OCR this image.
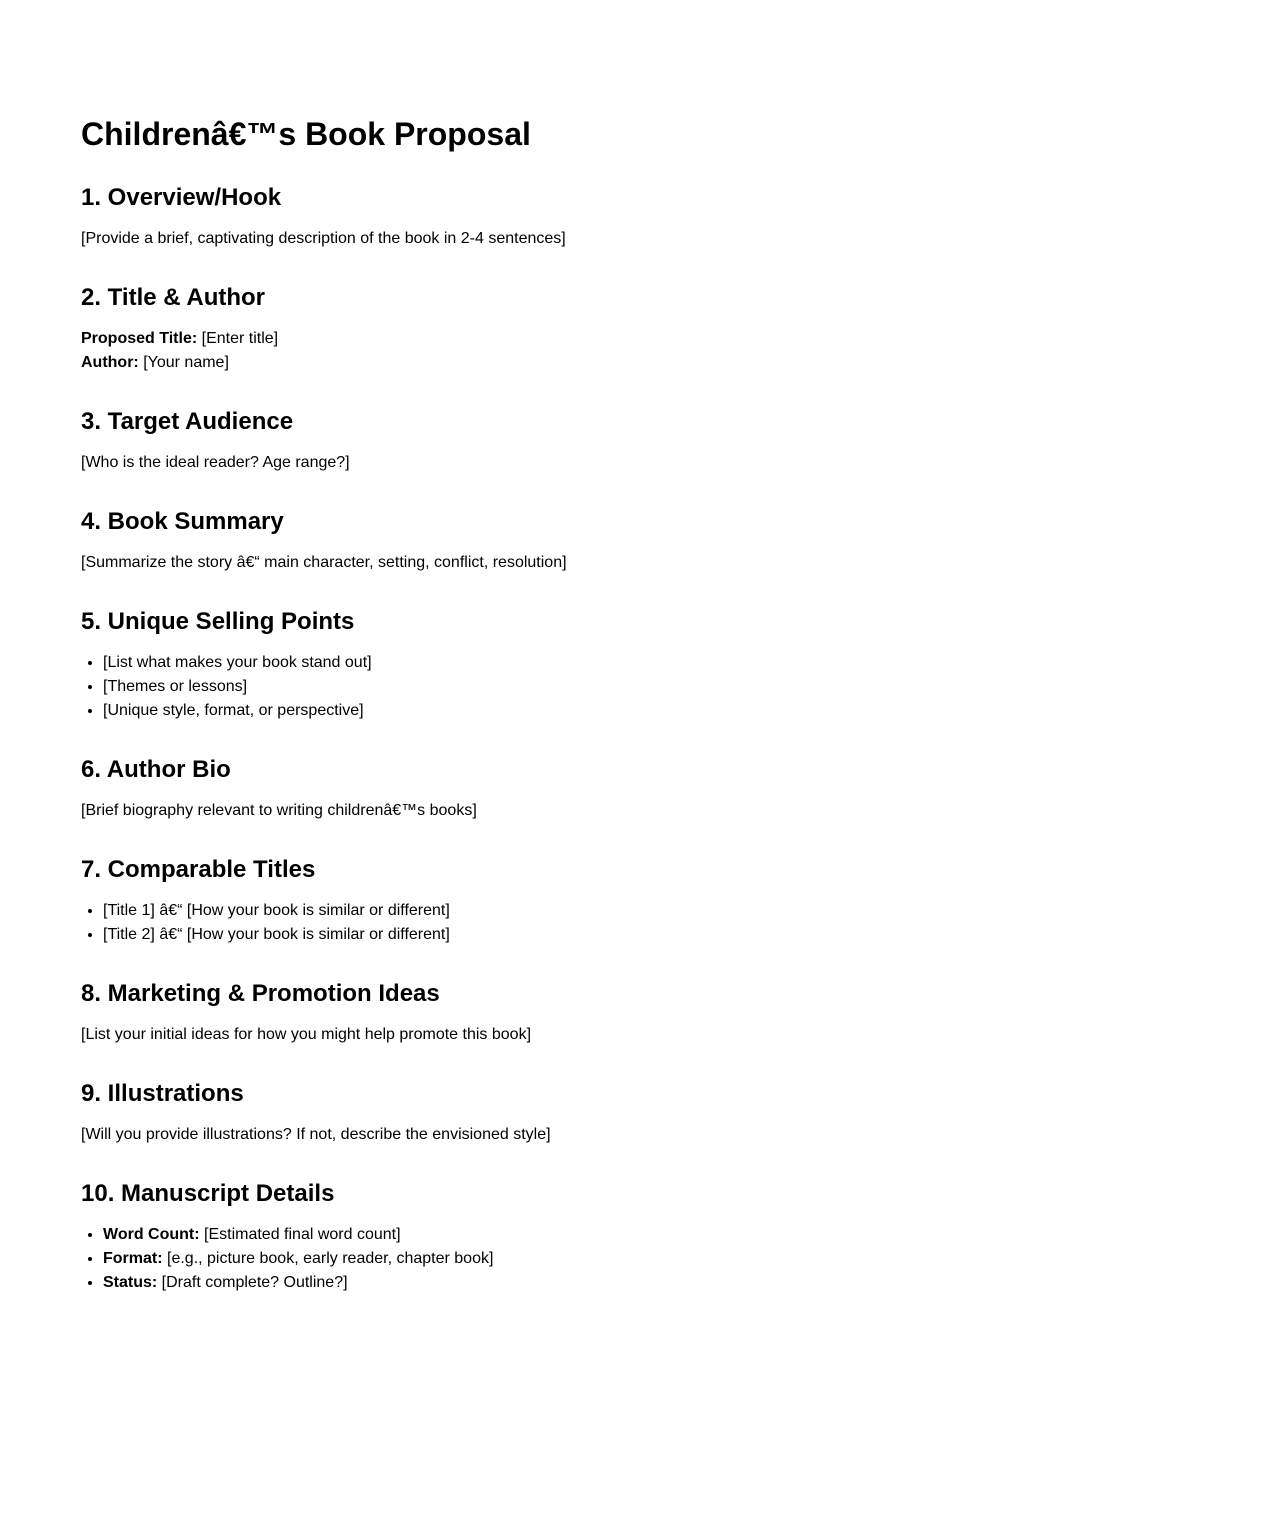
Childrenâ€™s Book Proposal
1. Overview/Hook

[Provide a brief, captivating description of the book in 2-4 sentences]

2. Title & Author

Proposed Title: [Enter title]

Author: [Your name]

3. Target Audience

[Who is the ideal reader? Age range?]

4. Book Summary

[Summarize the story â€“ main character, setting, conflict, resolution]

5. Unique Selling Points
• [List what makes your book stand out]
• [Themes or lessons]
• [Unique style, format, or perspective]
6. Author Bio

[Brief biography relevant to writing childrenâ€™s books]

7. Comparable Titles
• [Title 1] â€“ [How your book is similar or different]
• [Title 2] â€“ [How your book is similar or different]
8. Marketing & Promotion Ideas

[List your initial ideas for how you might help promote this book]

9. Illustrations

[Will you provide illustrations? If not, describe the envisioned style]

10. Manuscript Details
• Word Count: [Estimated final word count]
• Format: [e.g., picture book, early reader, chapter book]
• Status: [Draft complete? Outline?]
